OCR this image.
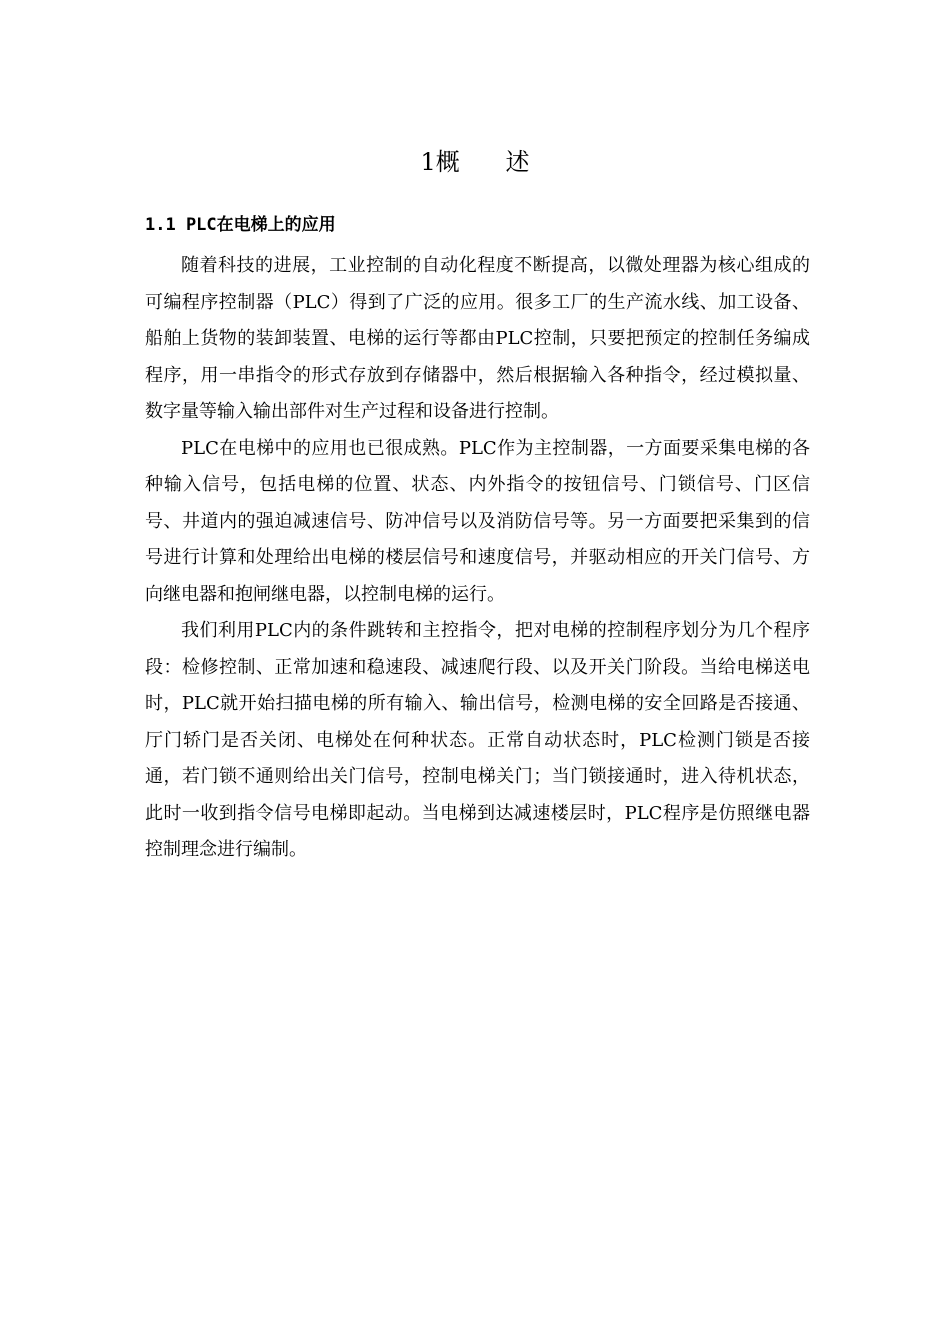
1概      述
1.1 PLC在电梯上的应用

随着科技的进展，工业控制的自动化程度不断提高，以微处理器为核心组成的可编程序控制器（PLC）得到了广泛的应用。很多工厂的生产流水线、加工设备、船舶上货物的装卸装置、电梯的运行等都由PLC控制，只要把预定的控制任务编成程序，用一串指令的形式存放到存储器中，然后根据输入各种指令，经过模拟量、数字量等输入输出部件对生产过程和设备进行控制。

PLC在电梯中的应用也已很成熟。PLC作为主控制器，一方面要采集电梯的各种输入信号，包括电梯的位置、状态、内外指令的按钮信号、门锁信号、门区信号、井道内的强迫减速信号、防冲信号以及消防信号等。另一方面要把采集到的信号进行计算和处理给出电梯的楼层信号和速度信号，并驱动相应的开关门信号、方向继电器和抱闸继电器，以控制电梯的运行。

我们利用PLC内的条件跳转和主控指令，把对电梯的控制程序划分为几个程序段：检修控制、正常加速和稳速段、减速爬行段、以及开关门阶段。当给电梯送电时，PLC就开始扫描电梯的所有输入、输出信号，检测电梯的安全回路是否接通、厅门轿门是否关闭、电梯处在何种状态。正常自动状态时，PLC检测门锁是否接通，若门锁不通则给出关门信号，控制电梯关门；当门锁接通时，进入待机状态，此时一收到指令信号电梯即起动。当电梯到达减速楼层时，PLC程序是仿照继电器控制理念进行编制。
